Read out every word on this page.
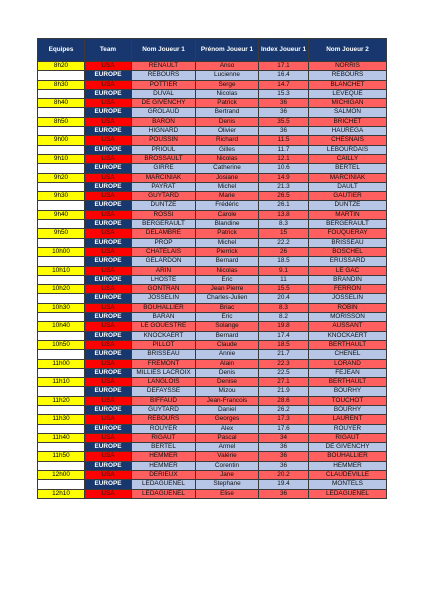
Equipes	Team	Nom Joueur 1	Prénom Joueur 1	Index Joueur 1	Nom Joueur 2
8h20	USA	RENAULT	Anso	17.1	NORRIS
	EUROPE	REBOURS	Lucienne	16.4	REBOURS
8h30	USA	POTTIER	Serge	14.7	BLANCHET
	EUROPE	DUVAL	Nicolas	15.3	LEVEQUE
8h40	USA	DE GIVENCHY	Patrick	36	MICHIGAN
	EUROPE	GROLAUD	Bertrand	36	SALMON
8h50	USA	BARON	Denis	35.5	BRICHET
	EUROPE	HIGNARD	Olivier	36	HAUREGA
9h00	USA	POUSSIN	Richard	11.5	CHESNAIS
	EUROPE	PRIOUL	Gilles	11.7	LEBOURDAIS
9h10	USA	BROSSAULT	Nicolas	12.1	CAILLY
	EUROPE	GIRRE	Catherine	10.6	BERTEL
9h20	USA	MARCINIAK	Josiane	14.9	MARCINIAK
	EUROPE	PAYRAT	Michel	21.3	DAULT
9h30	USA	GUYTARD	Marie	26.5	GAUTIER
	EUROPE	DUNTZE	Frédéric	26.1	DUNTZE
9h40	USA	ROSSI	Carole	13.8	MARTIN
	EUROPE	BERGERAULT	Blandine	8.3	BERGERAULT
9h50	USA	DELAMBRE	Patrick	15	FOUQUERAY
	EUROPE	PROP	Michel	22.2	BRISSEAU
10h00	USA	CHATELAIS	Pierrick	26	BOSCHEL
	EUROPE	GELARDON	Bernard	18.5	ERUSSARD
10h10	USA	ARIN	Nicolas	9.1	LE GAC
	EUROPE	LHOSTE	Eric	11	BRANDIN
10h20	USA	GONTRAN	Jean Pierre	15.5	FERRON
	EUROPE	JOSSELIN	Charles-Julien	20.4	JOSSELIN
10h30	USA	BOUHALLIER	Briac	8.3	ROBIN
	EUROPE	BARAN	Eric	8.2	MORISSON
10h40	USA	LE GOUESTRE	Solange	19.8	AUSSANT
	EUROPE	KNOCKAERT	Bernard	17.4	KNOCKAERT
10h50	USA	PILLOT	Claude	18.5	BERTHAULT
	EUROPE	BRISSEAU	Annie	21.7	CHENEL
11h00	USA	FREMONT	Alain	22.3	LORAND
	EUROPE	MILLIES LACROIX	Denis	22.5	FEJEAN
11h10	USA	LANGLOIS	Denise	27.1	BERTHAULT
	EUROPE	DEFAYSSE	Mizou	21.9	BOURHY
11h20	USA	BIFFAUD	Jean-Francois	28.6	TOUCHOT
	EUROPE	GUYTARD	Daniel	26.2	BOURHY
11h30	USA	REBOURS	Georges	17.3	LAURENT
	EUROPE	ROUYER	Alex	17.6	ROUYER
11h40	USA	RIGAUT	Pascal	34	RIGAUT
	EUROPE	BERTEL	Armel	36	DE GIVENCHY
11h50	USA	HEMMER	Valérie	36	BOUHALLIER
	EUROPE	HEMMER	Corentin	36	HEMMER
12h00	USA	DERIEUX	Jane	20.2	CLAUDEVILLE
	EUROPE	LEDAGUENEL	Stephane	19.4	MONTELS
12h10	USA	LEDAGUENEL	Elise	36	LEDAGUENEL
